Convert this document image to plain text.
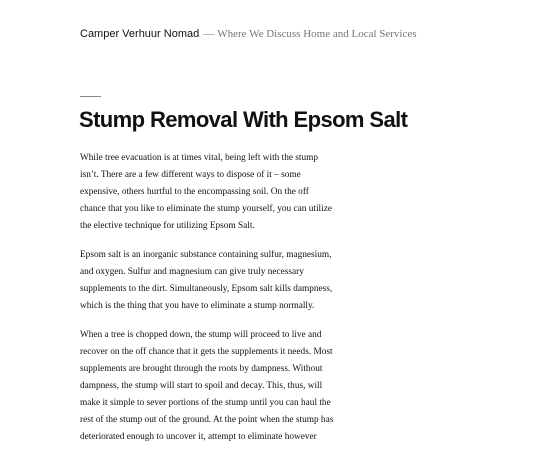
Camper Verhuur Nomad — Where We Discuss Home and Local Services
Stump Removal With Epsom Salt

While tree evacuation is at times vital, being left with the stump isn’t. There are a few different ways to dispose of it – some expensive, others hurtful to the encompassing soil. On the off chance that you like to eliminate the stump yourself, you can utilize the elective technique for utilizing Epsom Salt.

Epsom salt is an inorganic substance containing sulfur, magnesium, and oxygen. Sulfur and magnesium can give truly necessary supplements to the dirt. Simultaneously, Epsom salt kills dampness, which is the thing that you have to eliminate a stump normally.

When a tree is chopped down, the stump will proceed to live and recover on the off chance that it gets the supplements it needs. Most supplements are brought through the roots by dampness. Without dampness, the stump will start to spoil and decay. This, thus, will make it simple to sever portions of the stump until you can haul the rest of the stump out of the ground. At the point when the stump has deteriorated enough to uncover it, attempt to eliminate however
